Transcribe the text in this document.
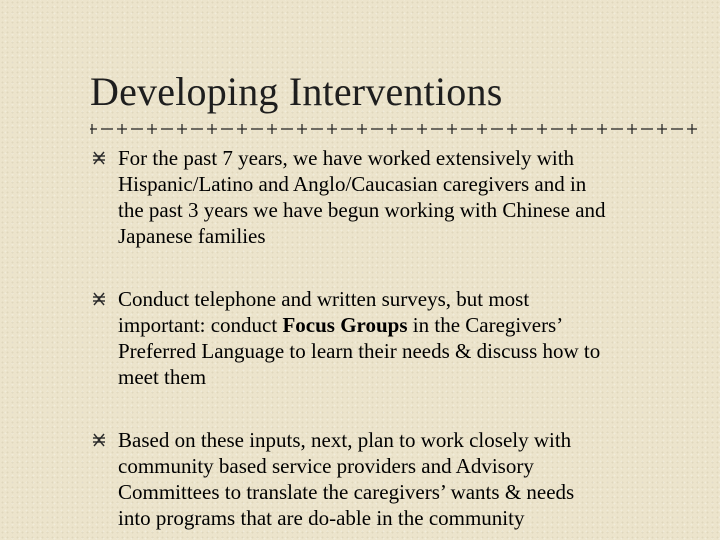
Developing Interventions
For the past 7 years, we have worked extensively with
Hispanic/Latino and Anglo/Caucasian caregivers and in
the past 3 years we have begun working with Chinese and
Japanese families
Conduct telephone and written surveys, but most
important: conduct Focus Groups in the Caregivers’
Preferred Language to learn their needs & discuss how to
meet them
Based on these inputs, next, plan to work closely with
community based service providers and Advisory
Committees to translate the caregivers’ wants & needs
into programs that are do-able in the community
